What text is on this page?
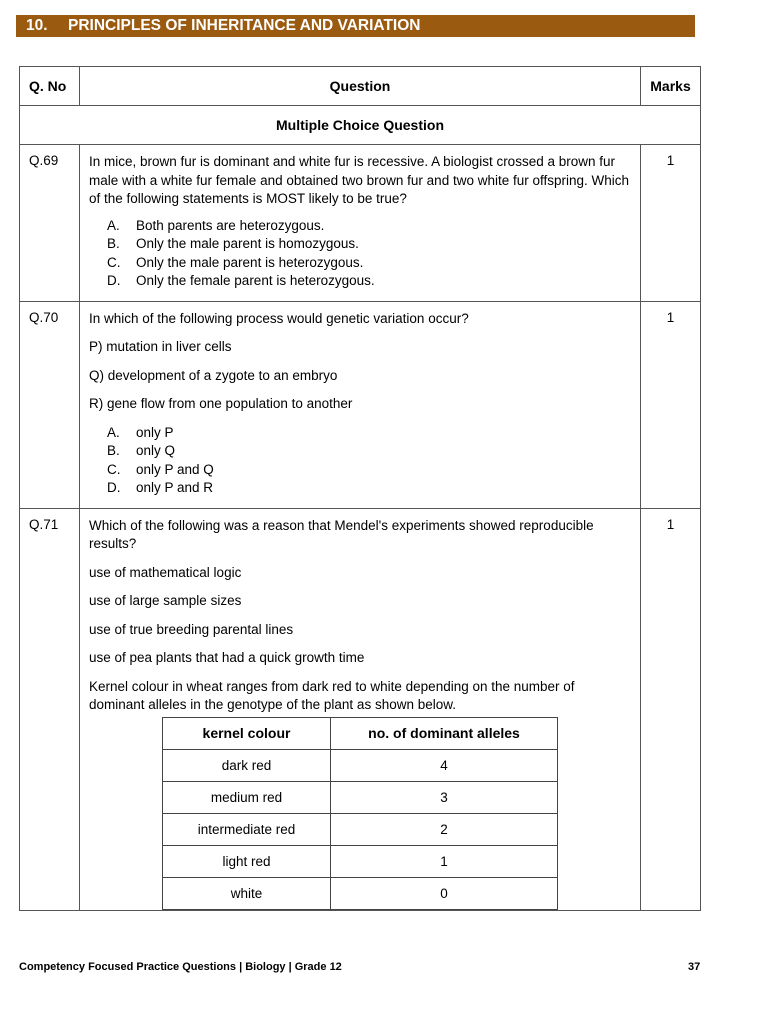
10. PRINCIPLES OF INHERITANCE AND VARIATION
Q. No	Question	Marks
Multiple Choice Question
Q.69	In mice, brown fur is dominant and white fur is recessive. A biologist crossed a brown fur male with a white fur female and obtained two brown fur and two white fur offspring. Which of the following statements is MOST likely to be true?

A. Both parents are heterozygous.
B. Only the male parent is homozygous.
C. Only the male parent is heterozygous.
D. Only the female parent is heterozygous.
	1
Q.70	In which of the following process would genetic variation occur?

P) mutation in liver cells

Q) development of a zygote to an embryo

R) gene flow from one population to another

A. only P
B. only Q
C. only P and Q
D. only P and R
	1
Q.71	Which of the following was a reason that Mendel's experiments showed reproducible results?

use of mathematical logic

use of large sample sizes

use of true breeding parental lines

use of pea plants that had a quick growth time

Kernel colour in wheat ranges from dark red to white depending on the number of dominant alleles in the genotype of the plant as shown below.

kernel colour	no. of dominant alleles
dark red	4
medium red	3
intermediate red	2
light red	1
white	0
	1
Competency Focused Practice Questions | Biology | Grade 12	37
